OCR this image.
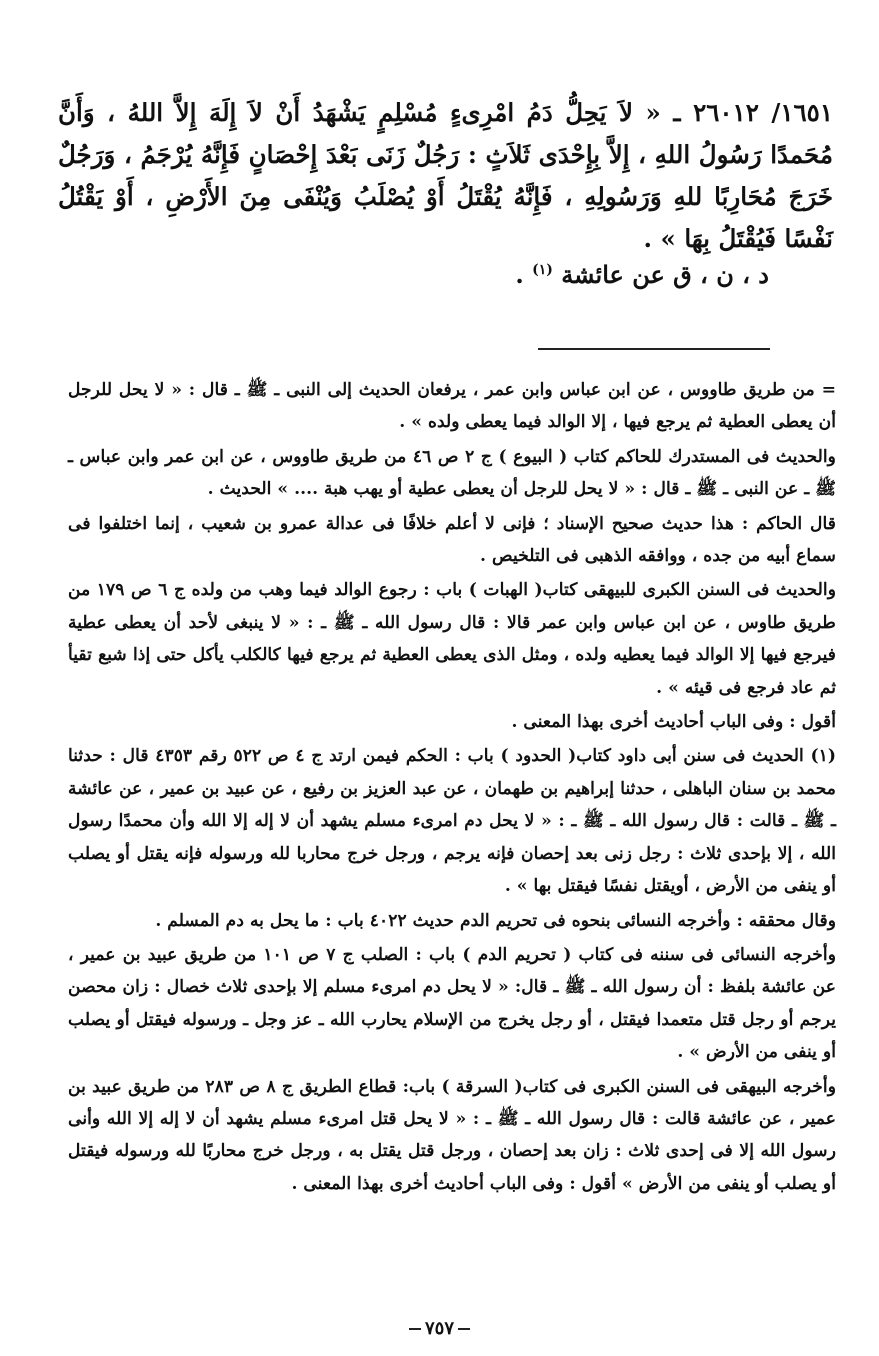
١٦٥١/ ٢٦٠١٢ ـ « لاَ يَحِلُّ دَمُ امْرِىءٍ مُسْلِمٍ يَشْهَدُ أَنْ لاَ إِلَهَ إِلاَّ اللهُ ، وَأَنَّ مُحَمدًا رَسُولُ اللهِ ، إِلاَّ بِإِحْدَى ثَلاَثٍ : رَجُلٌ زَنَى بَعْدَ إِحْصَانٍ فَإِنَّهُ يُرْجَمُ ، وَرَجُلٌ خَرَجَ مُحَارِبًا للهِ وَرَسُولِهِ ، فَإِنَّهُ يُقْتَلُ أَوْ يُصْلَبُ وَيُنْفَى مِنَ الأَرْضِ ، أَوْ يَقْتُلُ نَفْسًا فَيُقْتَلُ بِهَا » .

د ، ن ، ق عن عائشة $^{(١)}$ .

= من طريق طاووس ، عن ابن عباس وابن عمر ، يرفعان الحديث إلى النبى ـ ﷺ ـ قال : « لا يحل للرجل أن يعطى العطية ثم يرجع فيها ، إلا الوالد فيما يعطى ولده » .

والحديث فى المستدرك للحاكم كتاب ( البيوع ) ج ٢ ص ٤٦ من طريق طاووس ، عن ابن عمر وابن عباس ـ ﷺ ـ عن النبى ـ ﷺ ـ قال : « لا يحل للرجل أن يعطى عطية أو يهب هبة .... » الحديث .

قال الحاكم : هذا حديث صحيح الإسناد ؛ فإنى لا أعلم خلافًا فى عدالة عمرو بن شعيب ، إنما اختلفوا فى سماع أبيه من جده ، ووافقه الذهبى فى التلخيص .

والحديث فى السنن الكبرى للبيهقى كتاب( الهبات ) باب : رجوع الوالد فيما وهب من ولده ج ٦ ص ١٧٩ من طريق طاوس ، عن ابن عباس وابن عمر قالا : قال رسول الله ـ ﷺ ـ : « لا ينبغى لأحد أن يعطى عطية فيرجع فيها إلا الوالد فيما يعطيه ولده ، ومثل الذى يعطى العطية ثم يرجع فيها كالكلب يأكل حتى إذا شبع تقيأ ثم عاد فرجع فى قيئه » .

أقول : وفى الباب أحاديث أخرى بهذا المعنى .

(١) الحديث فى سنن أبى داود كتاب( الحدود ) باب : الحكم فيمن ارتد ج ٤ ص ٥٢٢ رقم ٤٣٥٣ قال : حدثنا محمد بن سنان الباهلى ، حدثنا إبراهيم بن طهمان ، عن عبد العزيز بن رفيع ، عن عبيد بن عمير ، عن عائشة ـ ﷺ ـ قالت : قال رسول الله ـ ﷺ ـ : « لا يحل دم امرىء مسلم يشهد أن لا إله إلا الله وأن محمدًا رسول الله ، إلا بإحدى ثلاث : رجل زنى بعد إحصان فإنه يرجم ، ورجل خرج محاربا لله ورسوله فإنه يقتل أو يصلب أو ينفى من الأرض ، أويقتل نفسًا فيقتل بها » .

وقال محققه : وأخرجه النسائى بنحوه فى تحريم الدم حديث ٤٠٢٢ باب : ما يحل به دم المسلم .

وأخرجه النسائى فى سننه فى كتاب ( تحريم الدم ) باب : الصلب ج ٧ ص ١٠١ من طريق عبيد بن عمير ، عن عائشة بلفظ : أن رسول الله ـ ﷺ ـ قال: « لا يحل دم امرىء مسلم إلا بإحدى ثلاث خصال : زان محصن يرجم أو رجل قتل متعمدا فيقتل ، أو رجل يخرج من الإسلام يحارب الله ـ عز وجل ـ ورسوله فيقتل أو يصلب أو ينفى من الأرض » .

وأخرجه البيهقى فى السنن الكبرى فى كتاب( السرقة ) باب: قطاع الطريق ج ٨ ص ٢٨٣ من طريق عبيد بن عمير ، عن عائشة قالت : قال رسول الله ـ ﷺ ـ : « لا يحل قتل امرىء مسلم يشهد أن لا إله إلا الله وأنى رسول الله إلا فى إحدى ثلاث : زان بعد إحصان ، ورجل قتل يقتل به ، ورجل خرج محاربًا لله ورسوله فيقتل أو يصلب أو ينفى من الأرض » أقول : وفى الباب أحاديث أخرى بهذا المعنى .

٧٥٧
